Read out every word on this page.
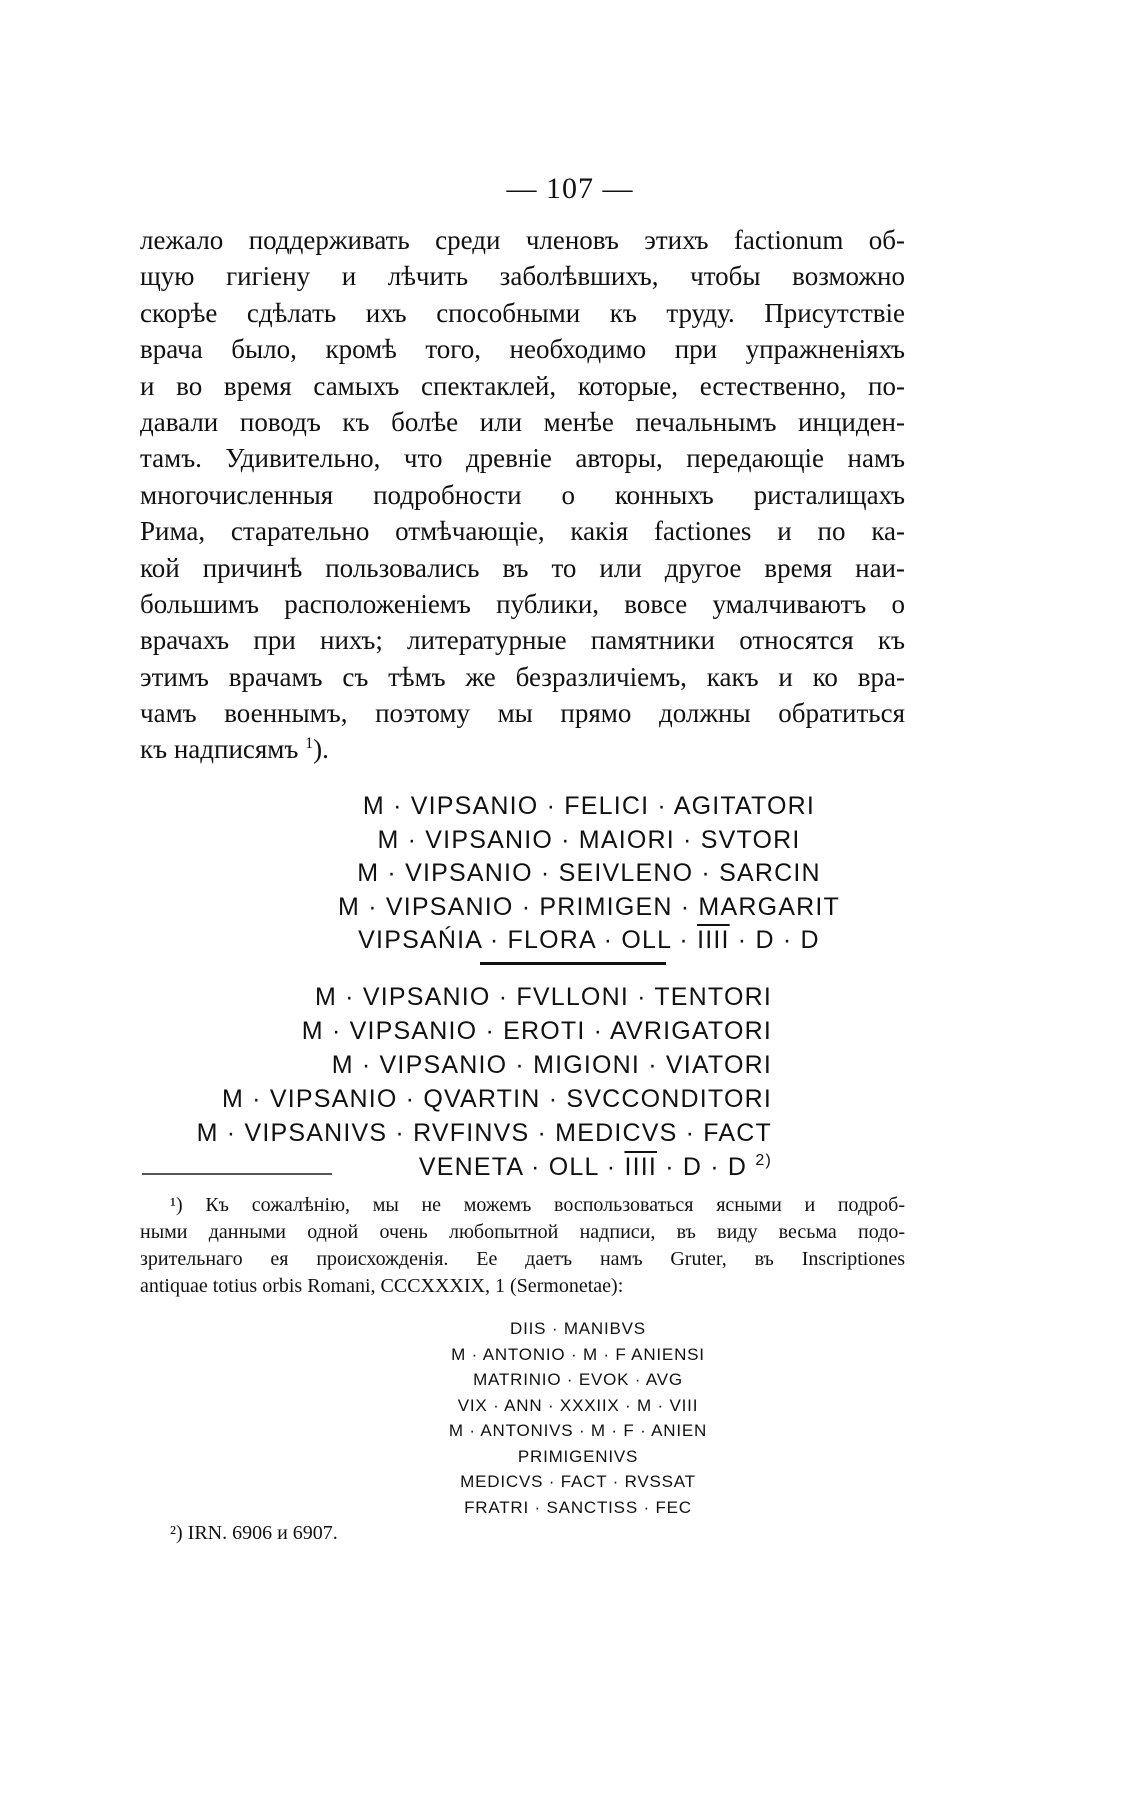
— 107 —
лежало поддерживать среди членовъ этихъ factionum об-
щую гигіену и лѣчить заболѣвшихъ, чтобы возможно
скорѣе сдѣлать ихъ способными къ труду. Присутствіе
врача было, кромѣ того, необходимо при упражненіяхъ
и во время самыхъ спектаклей, которые, естественно, по-
давали поводъ къ болѣе или менѣе печальнымъ инциден-
тамъ. Удивительно, что древніе авторы, передающіе намъ
многочисленныя подробности о конныхъ ристалищахъ
Рима, старательно отмѣчающіе, какія factiones и по ка-
кой причинѣ пользовались въ то или другое время наи-
большимъ расположеніемъ публики, вовсе умалчиваютъ о
врачахъ при нихъ; литературные памятники относятся къ
этимъ врачамъ съ тѣмъ же безразличіемъ, какъ и ко вра-
чамъ военнымъ, поэтому мы прямо должны обратиться
къ надписямъ $^1$).
M · VIPSANIO · FELICI · AGITATORI
M · VIPSANIO · MAIORI · SVTORI
M · VIPSANIO · SEIVLENO · SARCIN
M · VIPSANIO · PRIMIGEN · MARGARIT
VIPSAŃIA · FLORA · OLL · IIII · D · D
M · VIPSANIO · FVLLONI · TENTORI
M · VIPSANIO · EROTI · AVRIGATORI
M · VIPSANIO · MIGIONI · VIATORI
M · VIPSANIO · QVARTIN · SVCCONDITORI
M · VIPSANIVS · RVFINVS · MEDICVS · FACT
VENETA · OLL · IIII · D · D $^{2)}$
¹) Къ сожалѣнію, мы не можемъ воспользоваться ясными и подроб-
ными данными одной очень любопытной надписи, въ виду весьма подо-
зрительнаго ея происхожденія. Ее даетъ намъ Gruter, въ Inscriptiones
antiquae totius orbis Romani, CCCXXXIX, 1 (Sermonetae):
DIIS · MANIBVS
M · ANTONIO · M · F ANIENSI
MATRINIO · EVOK · AVG
VIX · ANN · XXXIIX · M · VIII
M · ANTONIVS · M · F · ANIEN
PRIMIGENIVS
MEDICVS · FACT · RVSSAT
FRATRI · SANCTISS · FEC
²) IRN. 6906 и 6907.
